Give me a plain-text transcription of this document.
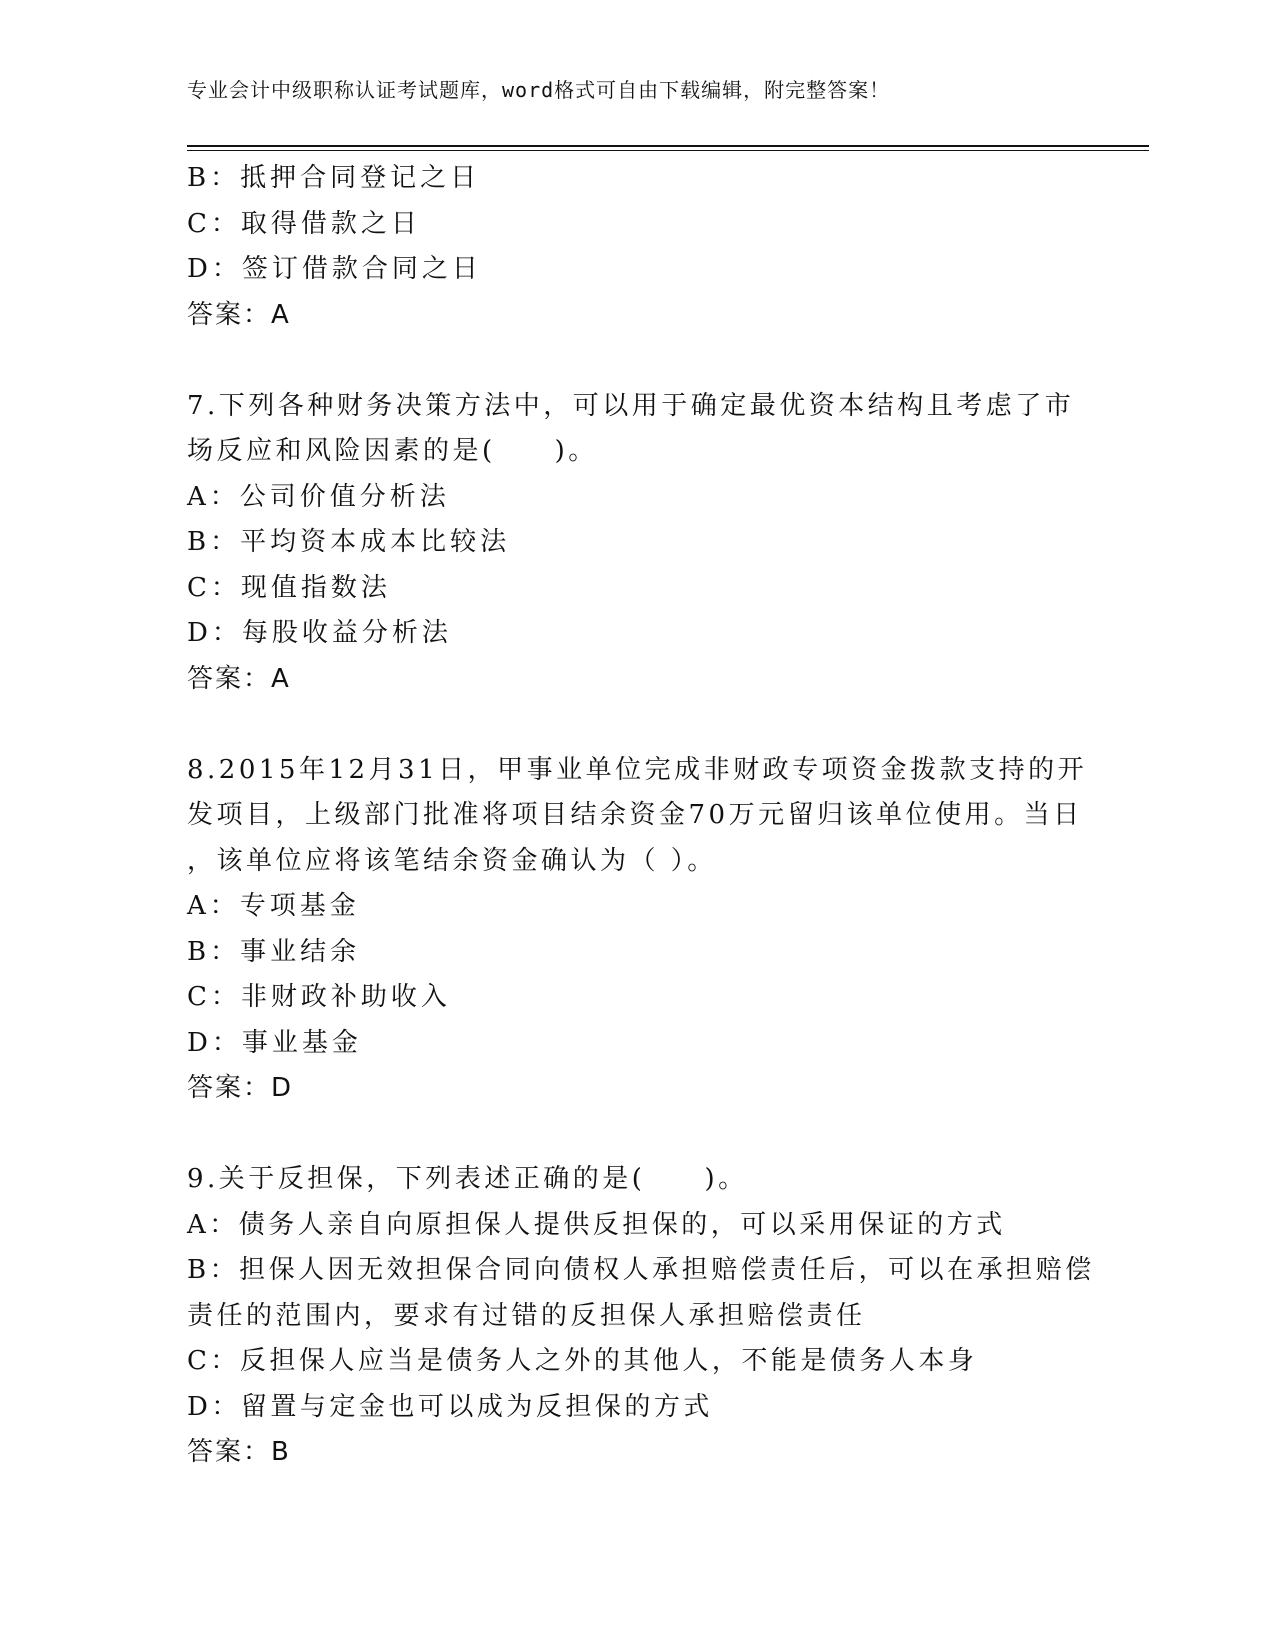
专业会计中级职称认证考试题库，word格式可自由下载编辑，附完整答案！
B：抵押合同登记之日
C：取得借款之日
D：签订借款合同之日
答案：A
7.下列各种财务决策方法中，可以用于确定最优资本结构且考虑了市
场反应和风险因素的是(　　)。
A：公司价值分析法
B：平均资本成本比较法
C：现值指数法
D：每股收益分析法
答案：A
8.2015年12月31日，甲事业单位完成非财政专项资金拨款支持的开
发项目，上级部门批准将项目结余资金70万元留归该单位使用。当日
，该单位应将该笔结余资金确认为（ ）。
A：专项基金
B：事业结余
C：非财政补助收入
D：事业基金
答案：D
9.关于反担保，下列表述正确的是(　　)。
A：债务人亲自向原担保人提供反担保的，可以采用保证的方式
B：担保人因无效担保合同向债权人承担赔偿责任后，可以在承担赔偿
责任的范围内，要求有过错的反担保人承担赔偿责任
C：反担保人应当是债务人之外的其他人，不能是债务人本身
D：留置与定金也可以成为反担保的方式
答案：B
